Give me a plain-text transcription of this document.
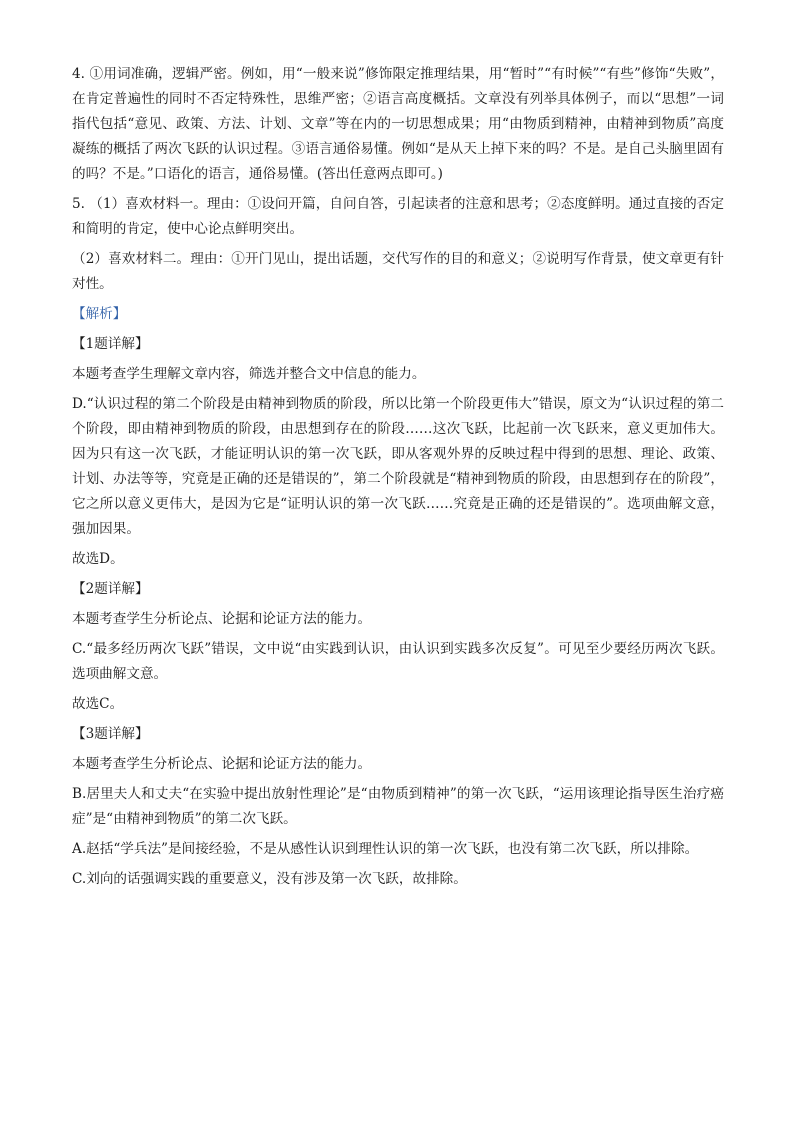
4. ①用词准确，逻辑严密。例如，用“一般来说”修饰限定推理结果，用“暂时”“有时候”“有些”修饰“失败”，在肯定普遍性的同时不否定特殊性，思维严密；②语言高度概括。文章没有列举具体例子，而以“思想”一词指代包括“意见、政策、方法、计划、文章”等在内的一切思想成果；用“由物质到精神，由精神到物质”高度凝练的概括了两次飞跃的认识过程。③语言通俗易懂。例如“是从天上掉下来的吗？不是。是自己头脑里固有的吗？不是。”口语化的语言，通俗易懂。(答出任意两点即可。)

5. （1）喜欢材料一。理由：①设问开篇，自问自答，引起读者的注意和思考；②态度鲜明。通过直接的否定和简明的肯定，使中心论点鲜明突出。

（2）喜欢材料二。理由：①开门见山，提出话题，交代写作的目的和意义；②说明写作背景，使文章更有针对性。

【解析】

【1题详解】

本题考查学生理解文章内容，筛选并整合文中信息的能力。

D.“认识过程的第二个阶段是由精神到物质的阶段，所以比第一个阶段更伟大”错误，原文为“认识过程的第二个阶段，即由精神到物质的阶段，由思想到存在的阶段……这次飞跃，比起前一次飞跃来，意义更加伟大。因为只有这一次飞跃，才能证明认识的第一次飞跃，即从客观外界的反映过程中得到的思想、理论、政策、计划、办法等等，究竟是正确的还是错误的”，第二个阶段就是“精神到物质的阶段，由思想到存在的阶段”，它之所以意义更伟大，是因为它是“证明认识的第一次飞跃……究竟是正确的还是错误的”。选项曲解文意，强加因果。

故选D。

【2题详解】

本题考查学生分析论点、论据和论证方法的能力。

C.“最多经历两次飞跃”错误，文中说“由实践到认识，由认识到实践多次反复”。可见至少要经历两次飞跃。选项曲解文意。

故选C。

【3题详解】

本题考查学生分析论点、论据和论证方法的能力。

B.居里夫人和丈夫“在实验中提出放射性理论”是“由物质到精神”的第一次飞跃，“运用该理论指导医生治疗癌症”是“由精神到物质”的第二次飞跃。

A.赵括“学兵法”是间接经验，不是从感性认识到理性认识的第一次飞跃，也没有第二次飞跃，所以排除。

C.刘向的话强调实践的重要意义，没有涉及第一次飞跃，故排除。
